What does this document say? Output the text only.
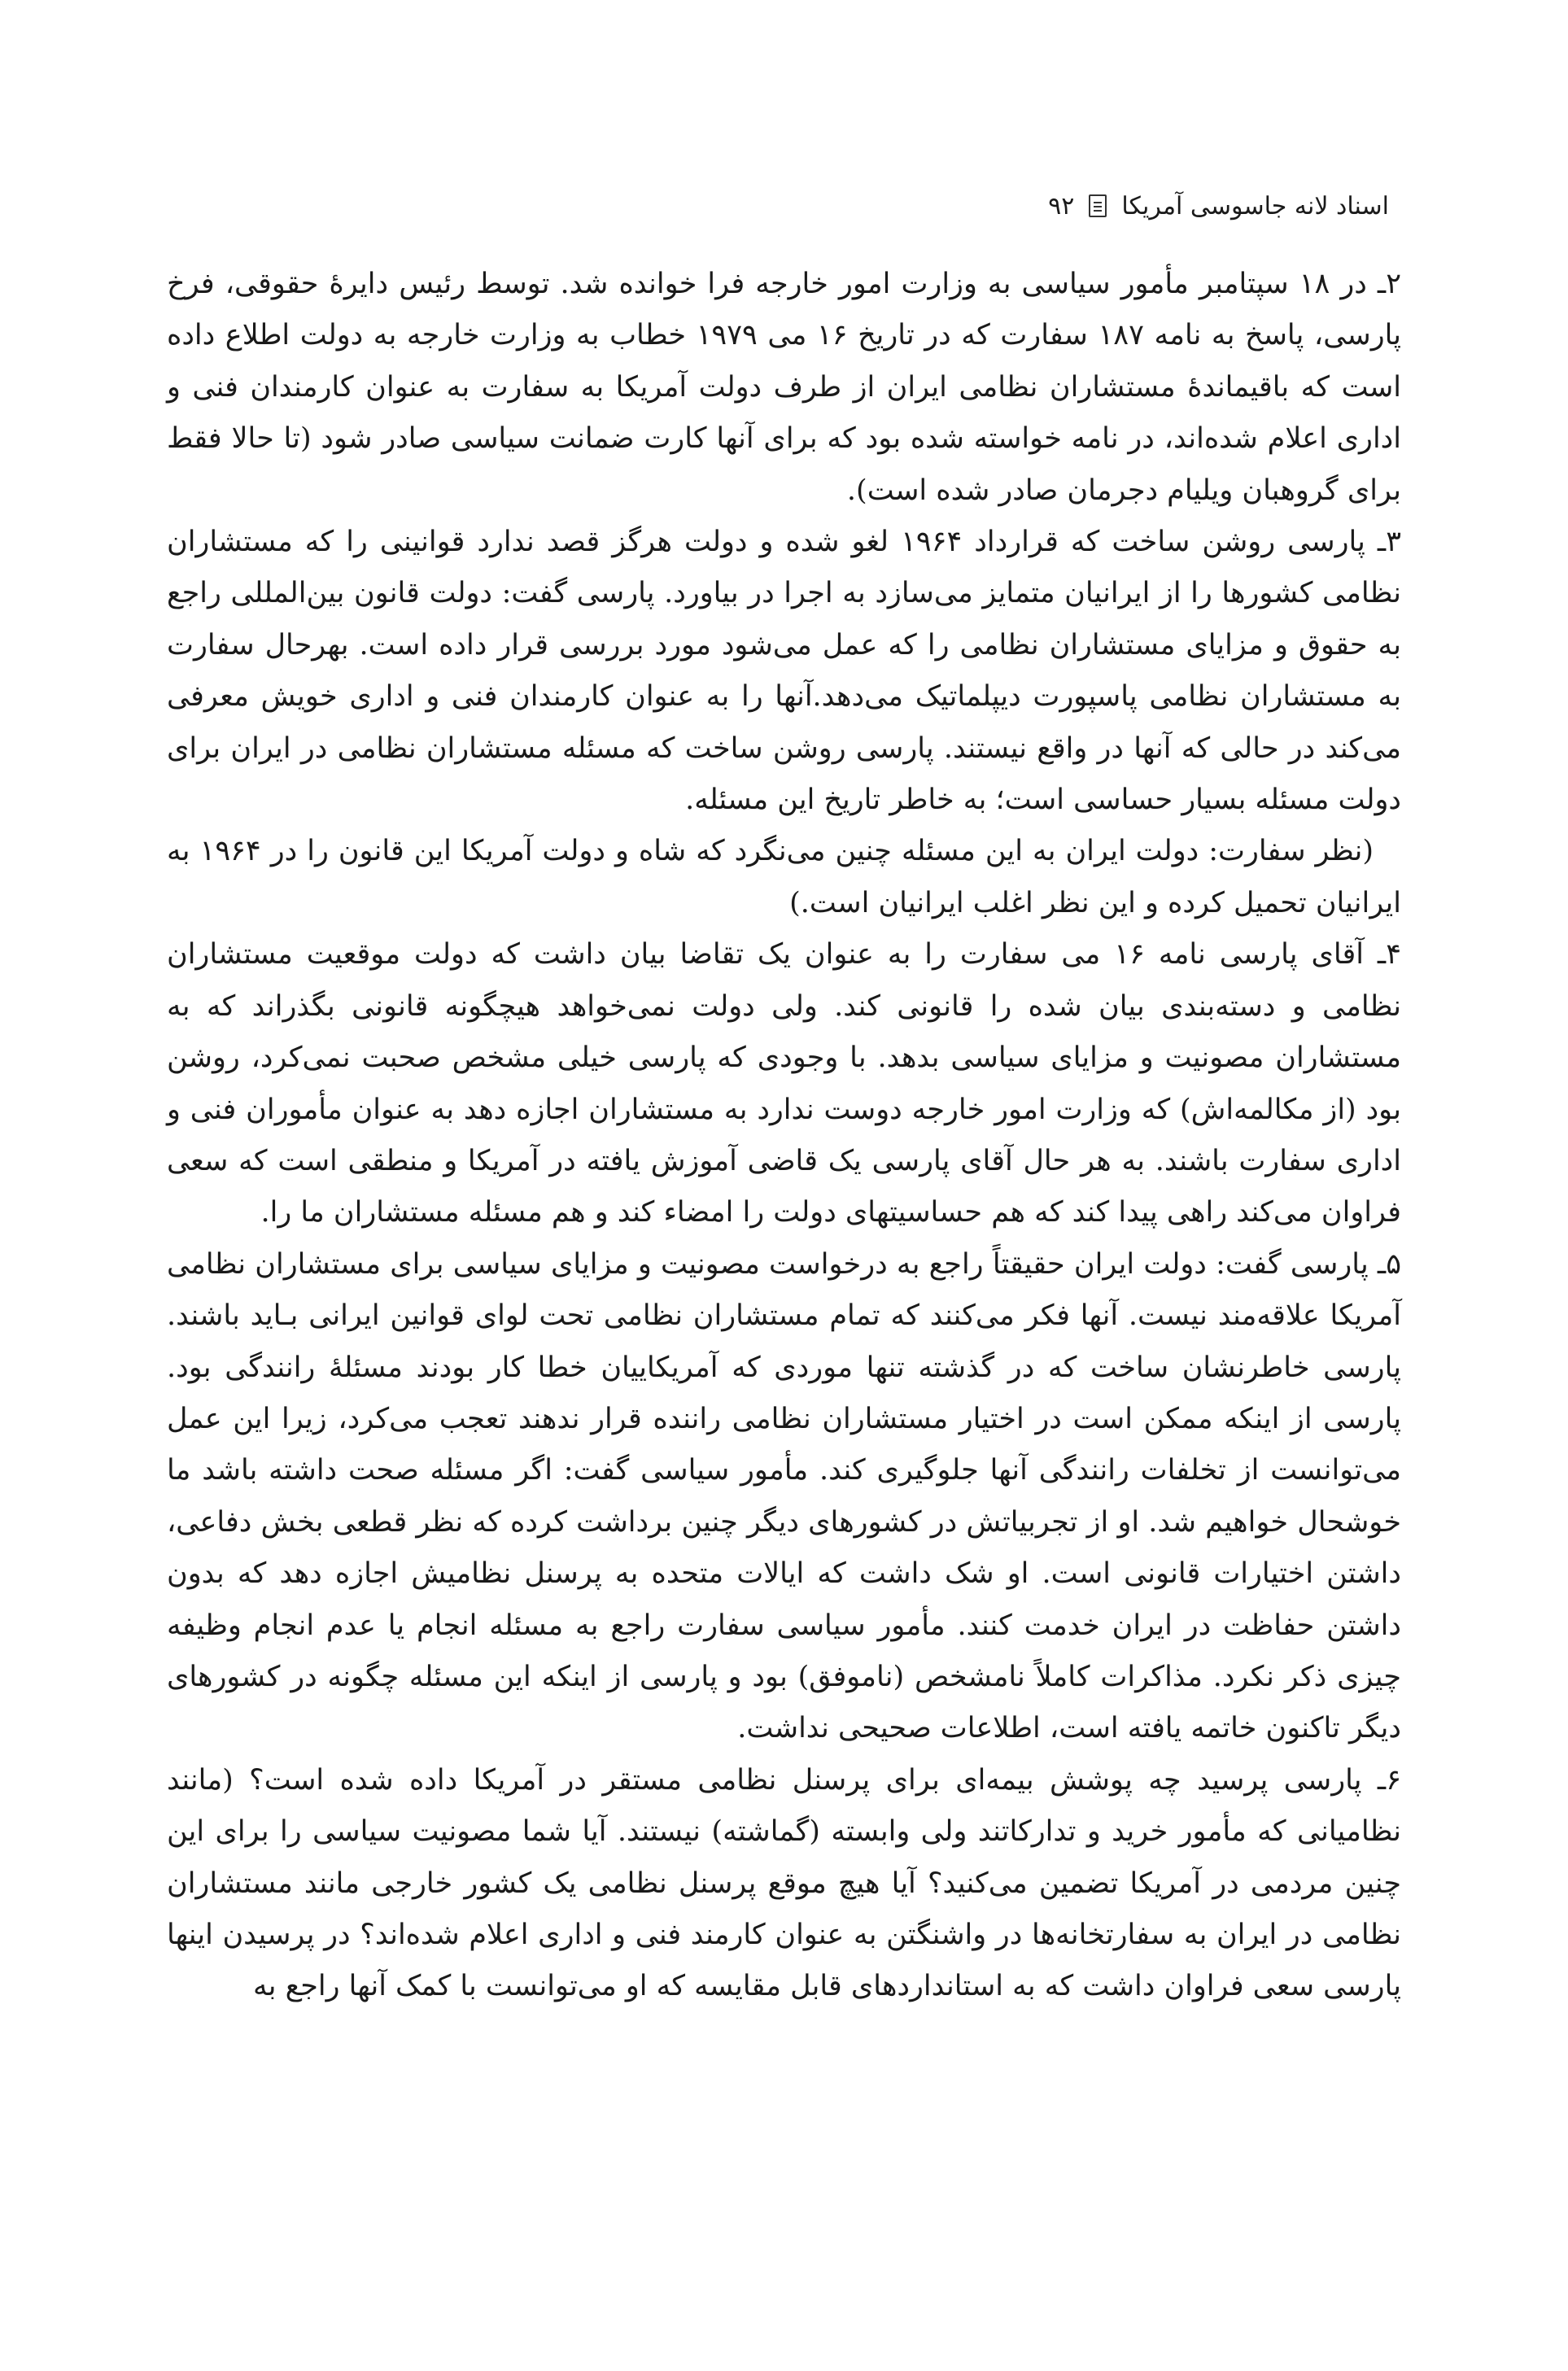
اسناد لانه جاسوسی آمریکا
۹۲

۲ـ در ۱۸ سپتامبر مأمور سیاسی به وزارت امور خارجه فرا خوانده شد. توسط رئیس دایرۀ حقوقی، فرخ پارسی، پاسخ به نامه ۱۸۷ سفارت که در تاریخ ۱۶ می ۱۹۷۹ خطاب به وزارت خارجه به دولت اطلاع داده است که باقیماندۀ مستشاران نظامی ایران از طرف دولت آمریکا به سفارت به عنوان کارمندان فنی و اداری اعلام شده‌اند، در نامه خواسته شده بود که برای آنها کارت ضمانت سیاسی صادر شود (تا حالا فقط برای گروهبان ویلیام دجرمان صادر شده است).

۳ـ پارسی روشن ساخت که قرارداد ۱۹۶۴ لغو شده و دولت هرگز قصد ندارد قوانینی را که مستشاران نظامی کشورها را از ایرانیان متمایز می‌سازد به اجرا در بیاورد. پارسی گفت: دولت قانون بین‌المللی راجع به حقوق و مزایای مستشاران نظامی را که عمل می‌شود مورد بررسی قرار داده است. بهرحال سفارت به مستشاران نظامی پاسپورت دیپلماتیک می‌دهد.آنها را به عنوان کارمندان فنی و اداری خویش معرفی می‌کند در حالی که آنها در واقع نیستند. پارسی روشن ساخت که مسئله مستشاران نظامی در ایران برای دولت مسئله بسیار حساسی است؛ به خاطر تاریخ این مسئله.

(نظر سفارت: دولت ایران به این مسئله چنین می‌نگرد که شاه و دولت آمریکا این قانون را در ۱۹۶۴ به ایرانیان تحمیل کرده و این نظر اغلب ایرانیان است.)

۴ـ آقای پارسی نامه ۱۶ می سفارت را به عنوان یک تقاضا بیان داشت که دولت موقعیت مستشاران نظامی و دسته‌بندی بیان شده را قانونی کند. ولی دولت نمی‌خواهد هیچگونه قانونی بگذراند که به مستشاران مصونیت و مزایای سیاسی بدهد. با وجودی که پارسی خیلی مشخص صحبت نمی‌کرد، روشن بود (از مکالمه‌اش) که وزارت امور خارجه دوست ندارد به مستشاران اجازه دهد به عنوان مأموران فنی و اداری سفارت باشند. به هر حال آقای پارسی یک قاضی آموزش یافته در آمریکا و منطقی است که سعی فراوان می‌کند راهی پیدا کند که هم حساسیتهای دولت را امضاء کند و هم مسئله مستشاران ما را.

۵ـ پارسی گفت: دولت ایران حقیقتاً راجع به درخواست مصونیت و مزایای سیاسی برای مستشاران نظامی آمریکا علاقه‌مند نیست. آنها فکر می‌کنند که تمام مستشاران نظامی تحت لوای قوانین ایرانی بـاید باشند. پارسی خاطرنشان ساخت که در گذشته تنها موردی که آمریکاییان خطا کار بودند مسئلۀ رانندگی بود. پارسی از اینکه ممکن است در اختیار مستشاران نظامی راننده قرار ندهند تعجب می‌کرد، زیرا این عمل می‌توانست از تخلفات رانندگی آنها جلوگیری کند. مأمور سیاسی گفت: اگر مسئله صحت داشته باشد ما خوشحال خواهیم شد. او از تجربیاتش در کشورهای دیگر چنین برداشت کرده که نظر قطعی بخش دفاعی، داشتن اختیارات قانونی است. او شک داشت که ایالات متحده به پرسنل نظامیش اجازه دهد که بدون داشتن حفاظت در ایران خدمت کنند. مأمور سیاسی سفارت راجع به مسئله انجام یا عدم انجام وظیفه چیزی ذکر نکرد. مذاکرات کاملاً نامشخص (ناموفق) بود و پارسی از اینکه این مسئله چگونه در کشورهای دیگر تاکنون خاتمه یافته است، اطلاعات صحیحی نداشت.

۶ـ پارسی پرسید چه پوشش بیمه‌ای برای پرسنل نظامی مستقر در آمریکا داده شده است؟ (مانند نظامیانی که مأمور خرید و تدارکاتند ولی وابسته (گماشته) نیستند. آیا شما مصونیت سیاسی را برای این چنین مردمی در آمریکا تضمین می‌کنید؟ آیا هیچ موقع پرسنل نظامی یک کشور خارجی مانند مستشاران نظامی در ایران به سفارتخانه‌ها در واشنگتن به عنوان کارمند فنی و اداری اعلام شده‌اند؟ در پرسیدن اینها پارسی سعی فراوان داشت که به استانداردهای قابل مقایسه که او می‌توانست با کمک آنها راجع به
